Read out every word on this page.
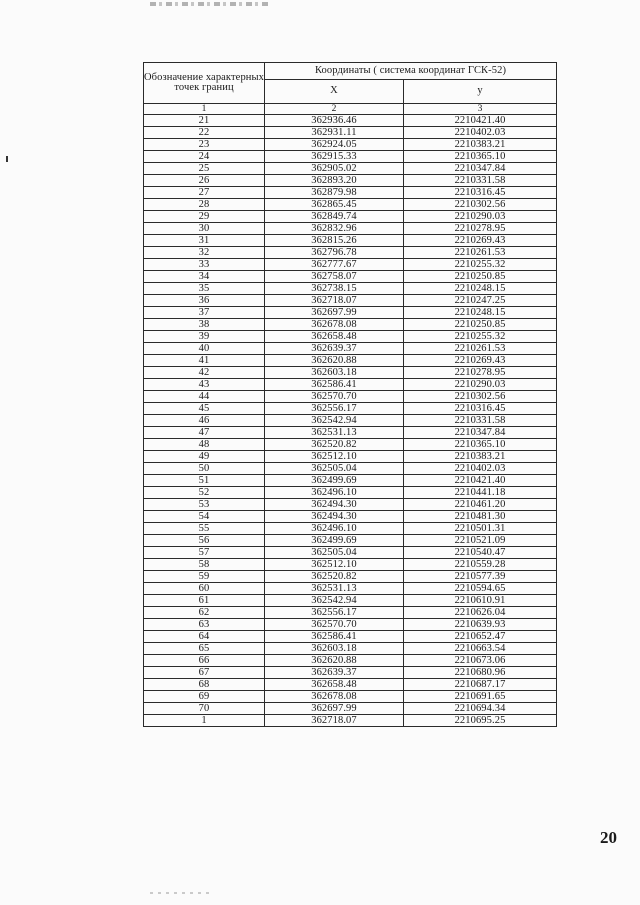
Обозначение характерных точек границ	Координаты ( система координат ГСК-52)	
	X	у
1	2	3
21	362936.46	2210421.40
22	362931.11	2210402.03
23	362924.05	2210383.21
24	362915.33	2210365.10
25	362905.02	2210347.84
26	362893.20	2210331.58
27	362879.98	2210316.45
28	362865.45	2210302.56
29	362849.74	2210290.03
30	362832.96	2210278.95
31	362815.26	2210269.43
32	362796.78	2210261.53
33	362777.67	2210255.32
34	362758.07	2210250.85
35	362738.15	2210248.15
36	362718.07	2210247.25
37	362697.99	2210248.15
38	362678.08	2210250.85
39	362658.48	2210255.32
40	362639.37	2210261.53
41	362620.88	2210269.43
42	362603.18	2210278.95
43	362586.41	2210290.03
44	362570.70	2210302.56
45	362556.17	2210316.45
46	362542.94	2210331.58
47	362531.13	2210347.84
48	362520.82	2210365.10
49	362512.10	2210383.21
50	362505.04	2210402.03
51	362499.69	2210421.40
52	362496.10	2210441.18
53	362494.30	2210461.20
54	362494.30	2210481.30
55	362496.10	2210501.31
56	362499.69	2210521.09
57	362505.04	2210540.47
58	362512.10	2210559.28
59	362520.82	2210577.39
60	362531.13	2210594.65
61	362542.94	2210610.91
62	362556.17	2210626.04
63	362570.70	2210639.93
64	362586.41	2210652.47
65	362603.18	2210663.54
66	362620.88	2210673.06
67	362639.37	2210680.96
68	362658.48	2210687.17
69	362678.08	2210691.65
70	362697.99	2210694.34
1	362718.07	2210695.25
20
